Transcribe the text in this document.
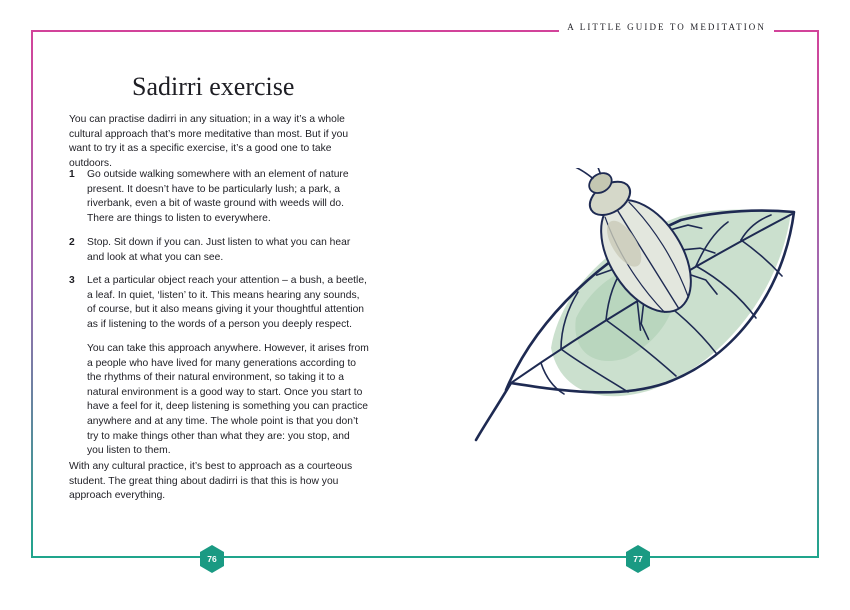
A LITTLE GUIDE TO MEDITATION
Sadirri exercise

You can practise dadirri in any situation; in a way it’s a whole cultural approach that’s more meditative than most. But if you want to try it as a specific exercise, it’s a good one to take outdoors.

1 Go outside walking somewhere with an element of nature present. It doesn’t have to be particularly lush; a park, a riverbank, even a bit of waste ground with weeds will do. There are things to listen to everywhere.
2 Stop. Sit down if you can. Just listen to what you can hear and look at what you can see.
3 Let a particular object reach your attention – a bush, a beetle, a leaf. In quiet, ‘listen’ to it. This means hearing any sounds, of course, but it also means giving it your thoughtful attention as if listening to the words of a person you deeply respect.

You can take this approach anywhere. However, it arises from a people who have lived for many generations according to the rhythms of their natural environment, so taking it to a natural environment is a good way to start. Once you start to have a feel for it, deep listening is something you can practice anywhere and at any time. The whole point is that you don’t try to make things other than what they are: you stop, and you listen to them.

With any cultural practice, it’s best to approach as a courteous student. The great thing about dadirri is that this is how you approach everything.

76	77
